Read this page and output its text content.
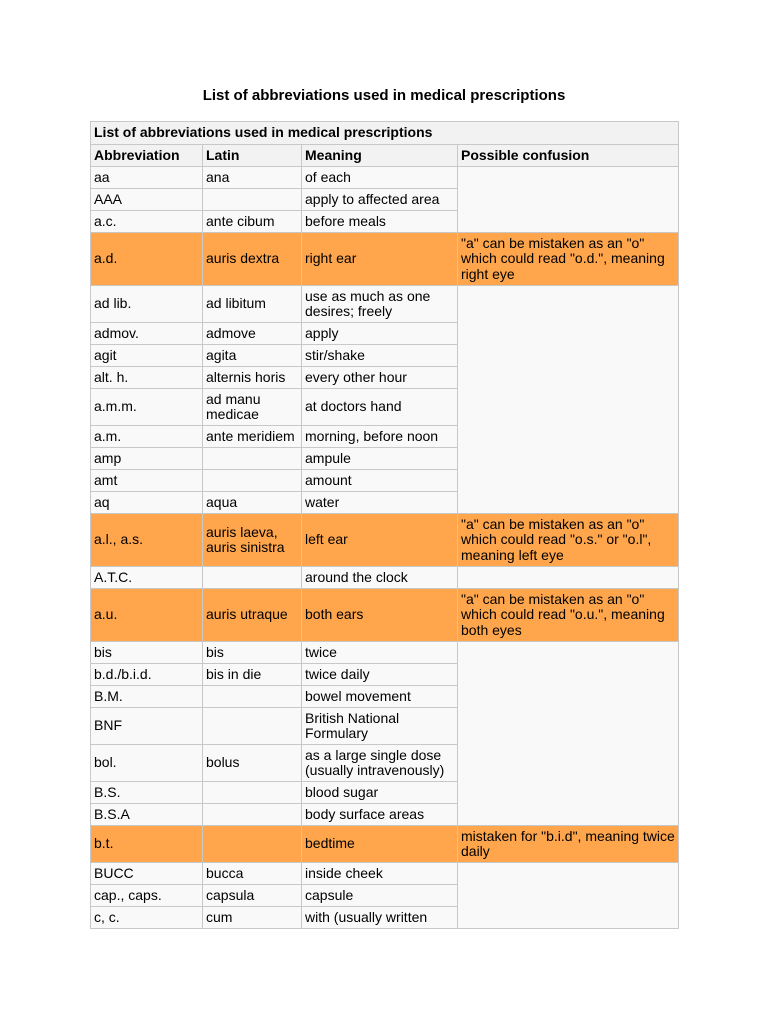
List of abbreviations used in medical prescriptions
List of abbreviations used in medical prescriptions			
Abbreviation	Latin	Meaning	Possible confusion
aa	ana	of each	
AAA		apply to affected area	
a.c.	ante cibum	before meals	
a.d.	auris dextra	right ear	"a" can be mistaken as an "o" which could read "o.d.", meaning right eye
ad lib.	ad libitum	use as much as one desires; freely	
admov.	admove	apply	
agit	agita	stir/shake	
alt. h.	alternis horis	every other hour	
a.m.m.	ad manu medicae	at doctors hand	
a.m.	ante meridiem	morning, before noon	
amp		ampule	
amt		amount	
aq	aqua	water	
a.l., a.s.	auris laeva, auris sinistra	left ear	"a" can be mistaken as an "o" which could read "o.s." or "o.l", meaning left eye
A.T.C.		around the clock	
a.u.	auris utraque	both ears	"a" can be mistaken as an "o" which could read "o.u.", meaning both eyes
bis	bis	twice	
b.d./b.i.d.	bis in die	twice daily	
B.M.		bowel movement	
BNF		British National Formulary	
bol.	bolus	as a large single dose (usually intravenously)	
B.S.		blood sugar	
B.S.A		body surface areas	
b.t.		bedtime	mistaken for "b.i.d", meaning twice daily
BUCC	bucca	inside cheek	
cap., caps.	capsula	capsule	
c, c.	cum	with (usually written	
